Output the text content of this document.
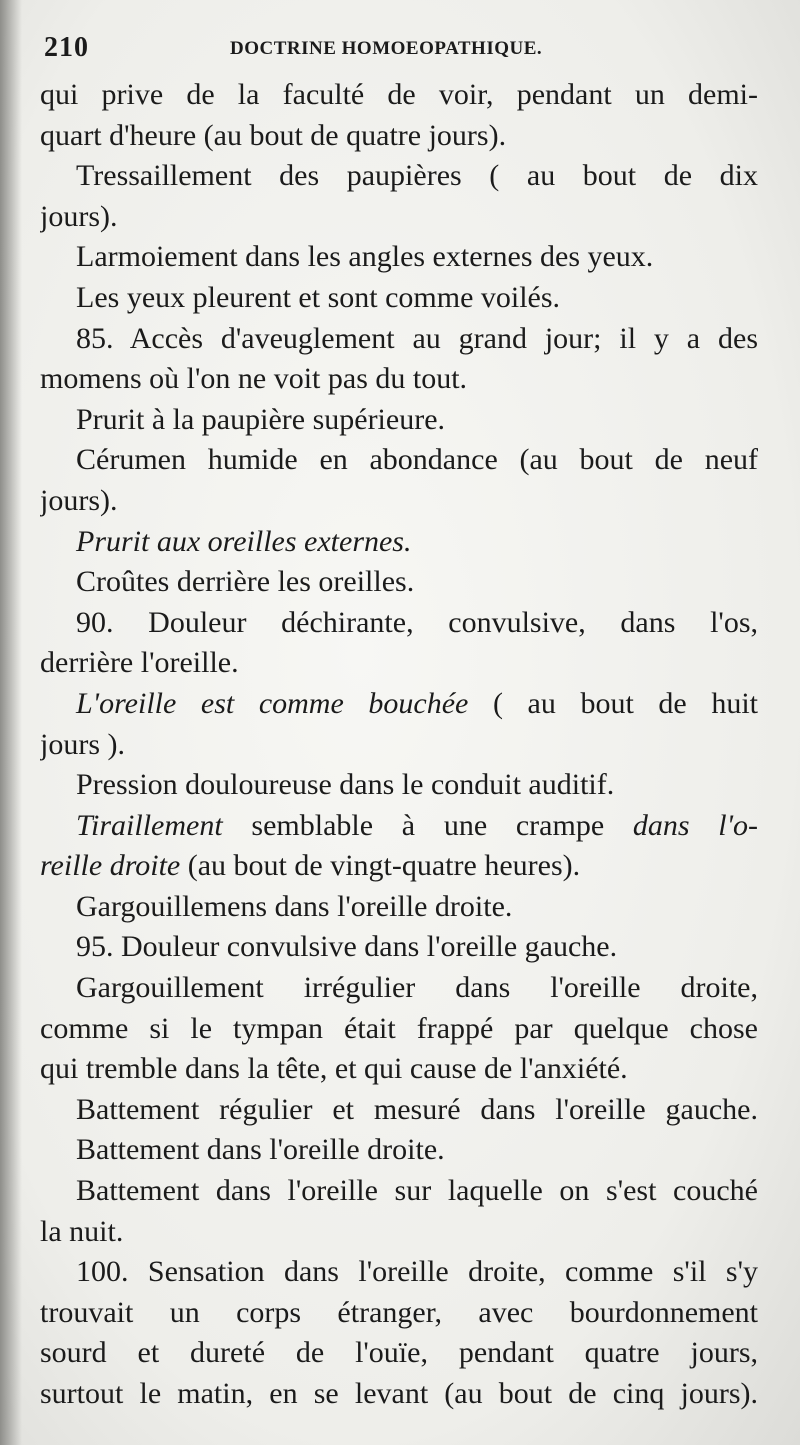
210	DOCTRINE HOMOEOPATHIQUE.
qui prive de la faculté de voir, pendant un demi-
quart d'heure (au bout de quatre jours).
Tressaillement des paupières ( au bout de dix
jours).
Larmoiement dans les angles externes des yeux.
Les yeux pleurent et sont comme voilés.
85. Accès d'aveuglement au grand jour; il y a des
momens où l'on ne voit pas du tout.
Prurit à la paupière supérieure.
Cérumen humide en abondance (au bout de neuf
jours).
Prurit aux oreilles externes.
Croûtes derrière les oreilles.
90. Douleur déchirante, convulsive, dans l'os,
derrière l'oreille.
L'oreille est comme bouchée ( au bout de huit
jours ).
Pression douloureuse dans le conduit auditif.
Tiraillement semblable à une crampe dans l'o-
reille droite (au bout de vingt-quatre heures).
Gargouillemens dans l'oreille droite.
95. Douleur convulsive dans l'oreille gauche.
Gargouillement irrégulier dans l'oreille droite,
comme si le tympan était frappé par quelque chose
qui tremble dans la tête, et qui cause de l'anxiété.
Battement régulier et mesuré dans l'oreille gauche.
Battement dans l'oreille droite.
Battement dans l'oreille sur laquelle on s'est couché
la nuit.
100. Sensation dans l'oreille droite, comme s'il s'y
trouvait un corps étranger, avec bourdonnement
sourd et dureté de l'ouïe, pendant quatre jours,
surtout le matin, en se levant (au bout de cinq jours).
